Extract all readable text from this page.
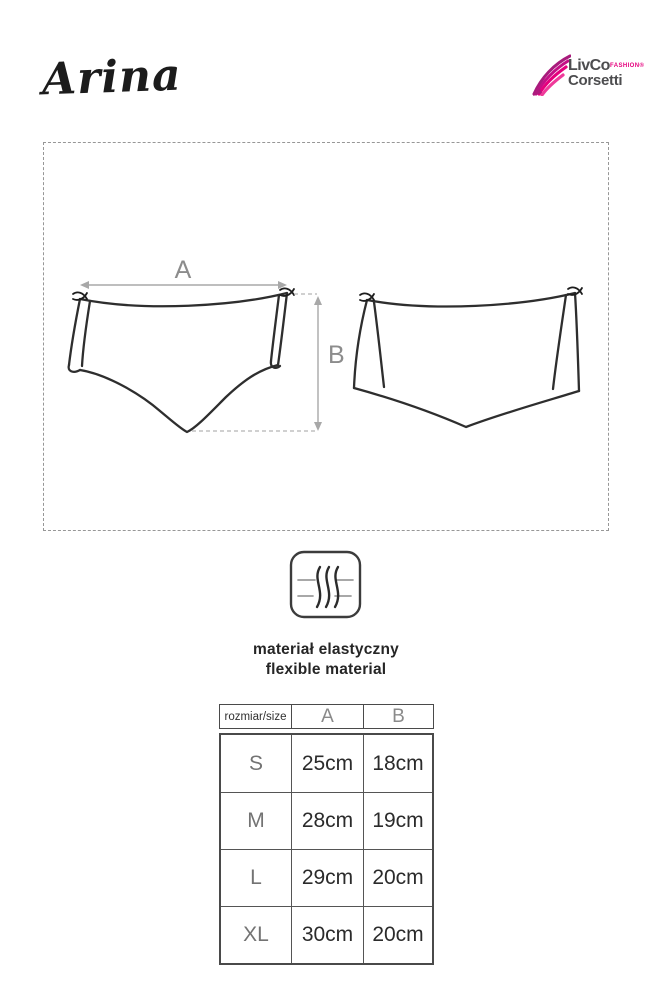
Arina	LivCo FASHION®
Corsetti
A
B
materiał elastyczny
flexible material
rozmiar/size	A	B
S	25cm 18cm
M	28cm 19cm
L	29cm 20cm
XL	30cm 20cm
